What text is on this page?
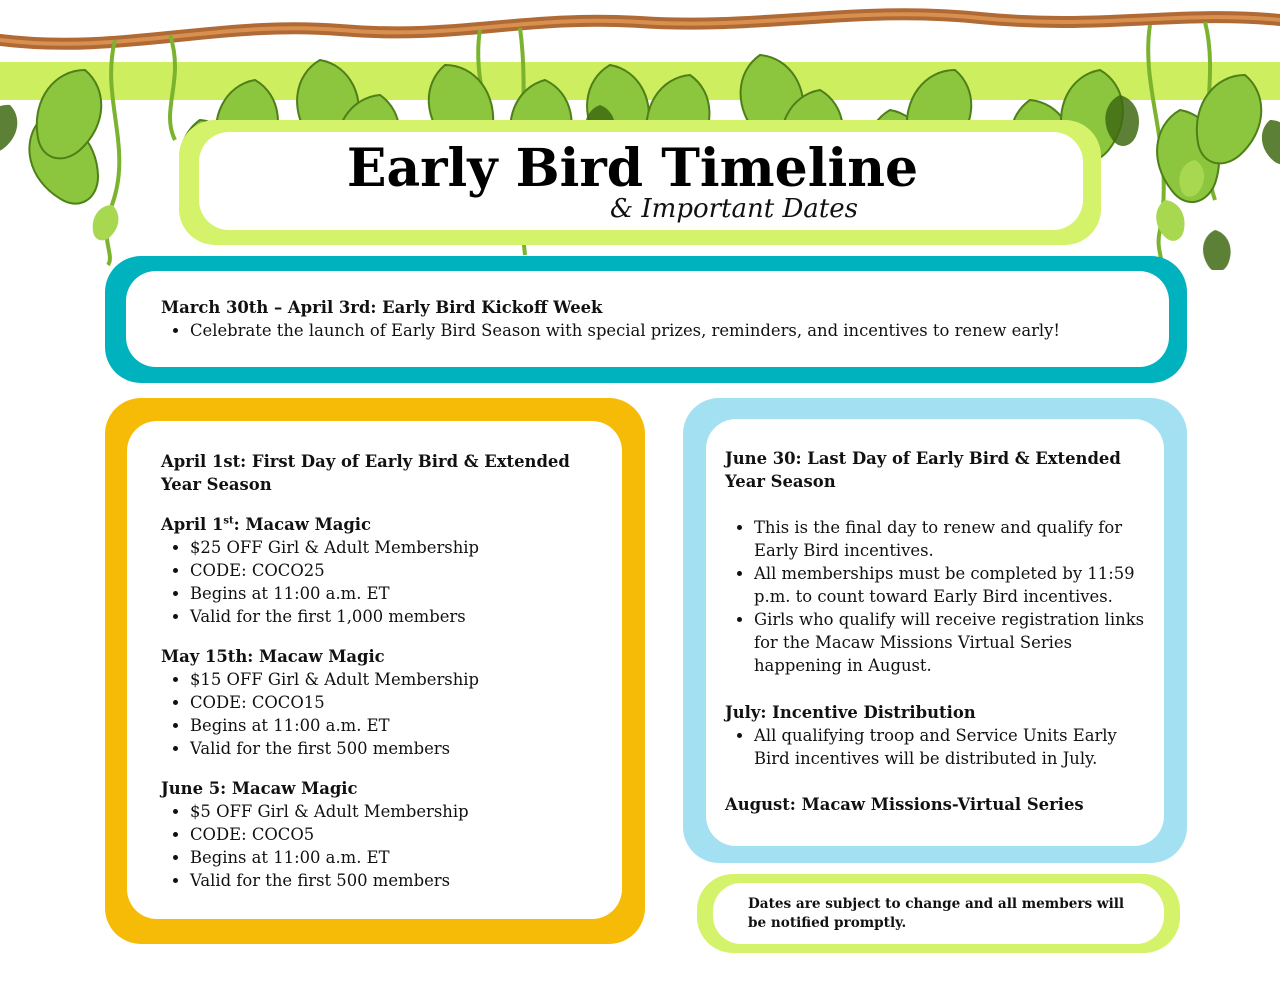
Early Bird Timeline
& Important Dates
March 30th – April 3rd: Early Bird Kickoff Week
Celebrate the launch of Early Bird Season with special prizes, reminders, and incentives to renew early!
April 1st: First Day of Early Bird & Extended Year Season
April 1st: Macaw Magic
$25 OFF Girl & Adult Membership
CODE: COCO25
Begins at 11:00 a.m. ET
Valid for the first 1,000 members
May 15th: Macaw Magic
$15 OFF Girl & Adult Membership
CODE: COCO15
Begins at 11:00 a.m. ET
Valid for the first 500 members
June 5: Macaw Magic
$5 OFF Girl & Adult Membership
CODE: COCO5
Begins at 11:00 a.m. ET
Valid for the first 500 members
June 30: Last Day of Early Bird & Extended Year Season
This is the final day to renew and qualify for Early Bird incentives.
All memberships must be completed by 11:59 p.m. to count toward Early Bird incentives.
Girls who qualify will receive registration links for the Macaw Missions Virtual Series happening in August.
July: Incentive Distribution
All qualifying troop and Service Units Early Bird incentives will be distributed in July.
August: Macaw Missions-Virtual Series
Dates are subject to change and all members will be notified promptly.
